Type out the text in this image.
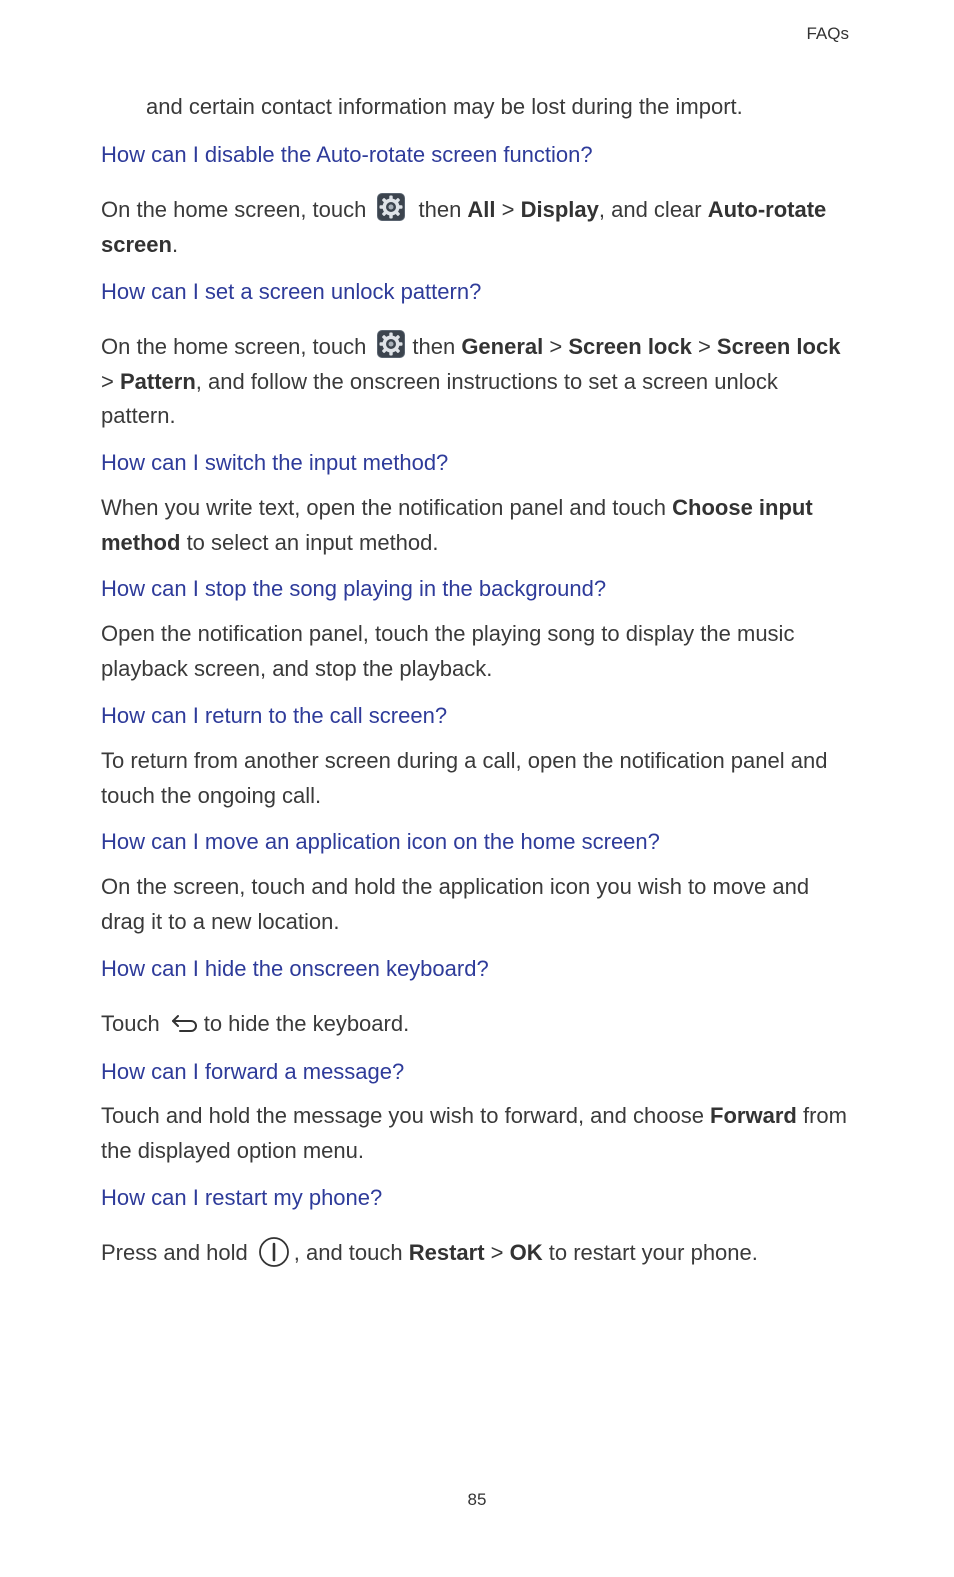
FAQs

and certain contact information may be lost during the import.

How can I disable the Auto-rotate screen function?

On the home screen, touch then All > Display, and clear Auto-rotate screen.

How can I set a screen unlock pattern?

On the home screen, touch then General > Screen lock > Screen lock > Pattern, and follow the onscreen instructions to set a screen unlock pattern.

How can I switch the input method?

When you write text, open the notification panel and touch Choose input method to select an input method.

How can I stop the song playing in the background?

Open the notification panel, touch the playing song to display the music playback screen, and stop the playback.

How can I return to the call screen?

To return from another screen during a call, open the notification panel and touch the ongoing call.

How can I move an application icon on the home screen?

On the screen, touch and hold the application icon you wish to move and drag it to a new location.

How can I hide the onscreen keyboard?

Touch to hide the keyboard.

How can I forward a message?

Touch and hold the message you wish to forward, and choose Forward from the displayed option menu.

How can I restart my phone?

Press and hold , and touch Restart > OK to restart your phone.

85
